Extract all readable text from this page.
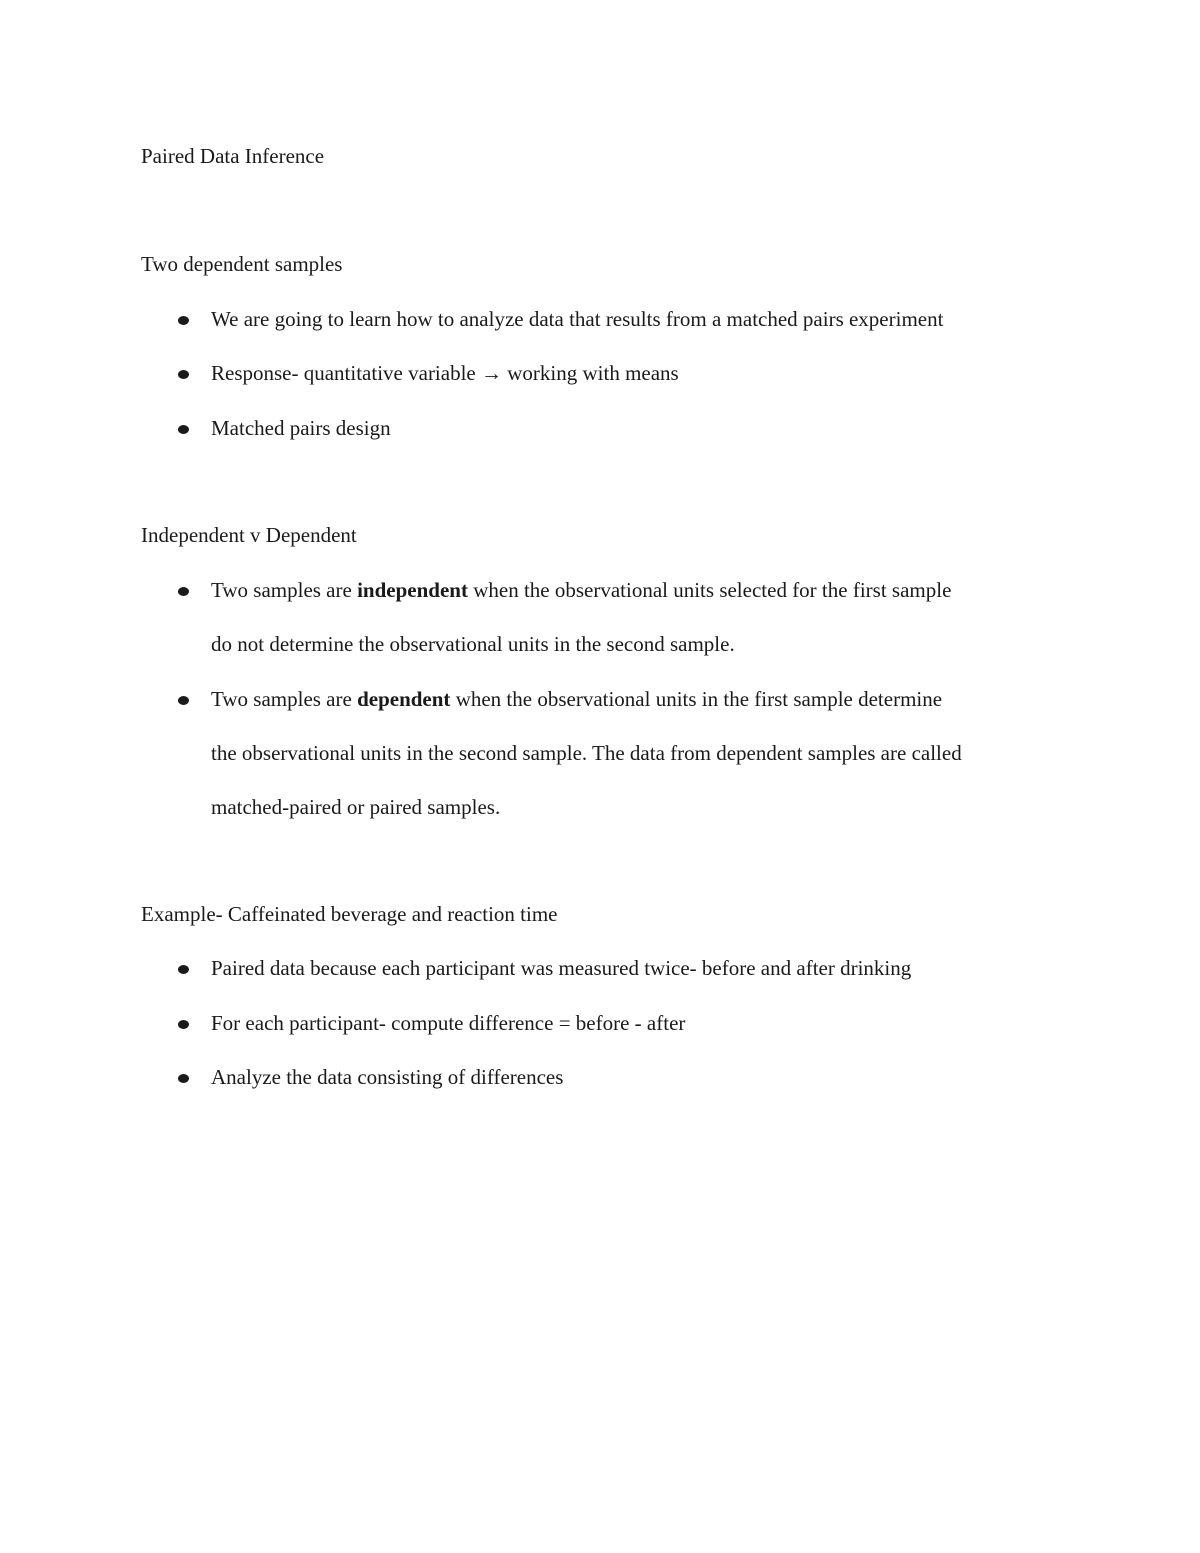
Paired Data Inference

Two dependent samples

We are going to learn how to analyze data that results from a matched pairs experiment
Response- quantitative variable → working with means
Matched pairs design

Independent v Dependent

Two samples are independent when the observational units selected for the first sample
do not determine the observational units in the second sample.
Two samples are dependent when the observational units in the first sample determine
the observational units in the second sample. The data from dependent samples are called
matched-paired or paired samples.

Example- Caffeinated beverage and reaction time

Paired data because each participant was measured twice- before and after drinking
For each participant- compute difference = before - after
Analyze the data consisting of differences
